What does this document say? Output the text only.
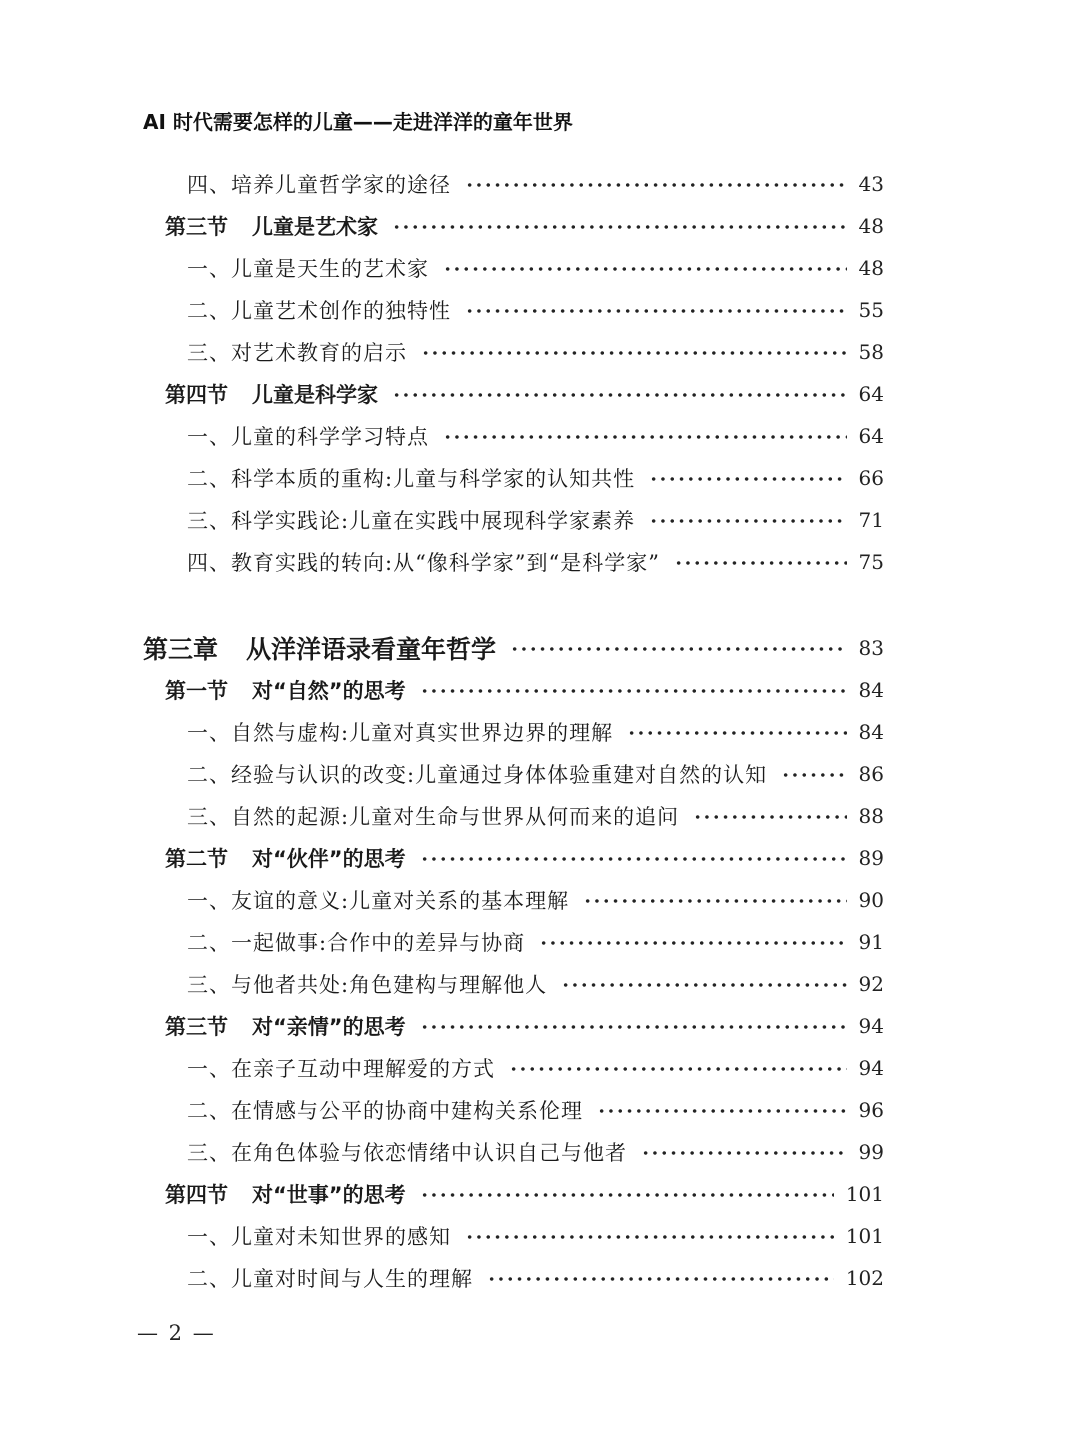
AI 时代需要怎样的儿童——走进洋洋的童年世界
四、培养儿童哲学家的途径	43
第三节 儿童是艺术家	48
一、儿童是天生的艺术家	48
二、儿童艺术创作的独特性	55
三、对艺术教育的启示	58
第四节 儿童是科学家	64
一、儿童的科学学习特点	64
二、科学本质的重构:儿童与科学家的认知共性	66
三、科学实践论:儿童在实践中展现科学家素养	71
四、教育实践的转向:从“像科学家”到“是科学家”	75
第三章 从洋洋语录看童年哲学	83
第一节 对“自然”的思考	84
一、自然与虚构:儿童对真实世界边界的理解	84
二、经验与认识的改变:儿童通过身体体验重建对自然的认知	86
三、自然的起源:儿童对生命与世界从何而来的追问	88
第二节 对“伙伴”的思考	89
一、友谊的意义:儿童对关系的基本理解	90
二、一起做事:合作中的差异与协商	91
三、与他者共处:角色建构与理解他人	92
第三节 对“亲情”的思考	94
一、在亲子互动中理解爱的方式	94
二、在情感与公平的协商中建构关系伦理	96
三、在角色体验与依恋情绪中认识自己与他者	99
第四节 对“世事”的思考	101
一、儿童对未知世界的感知	101
二、儿童对时间与人生的理解	102
— 2 —
